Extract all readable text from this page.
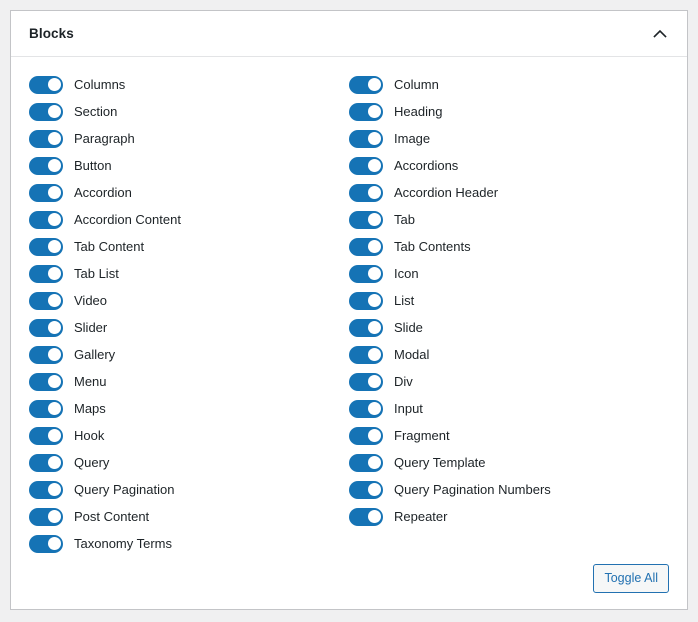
Blocks
Columns
Section
Paragraph
Button
Accordion
Accordion Content
Tab Content
Tab List
Video
Slider
Gallery
Menu
Maps
Hook
Query
Query Pagination
Post Content
Taxonomy Terms
Column
Heading
Image
Accordions
Accordion Header
Tab
Tab Contents
Icon
List
Slide
Modal
Div
Input
Fragment
Query Template
Query Pagination Numbers
Repeater
Toggle All
